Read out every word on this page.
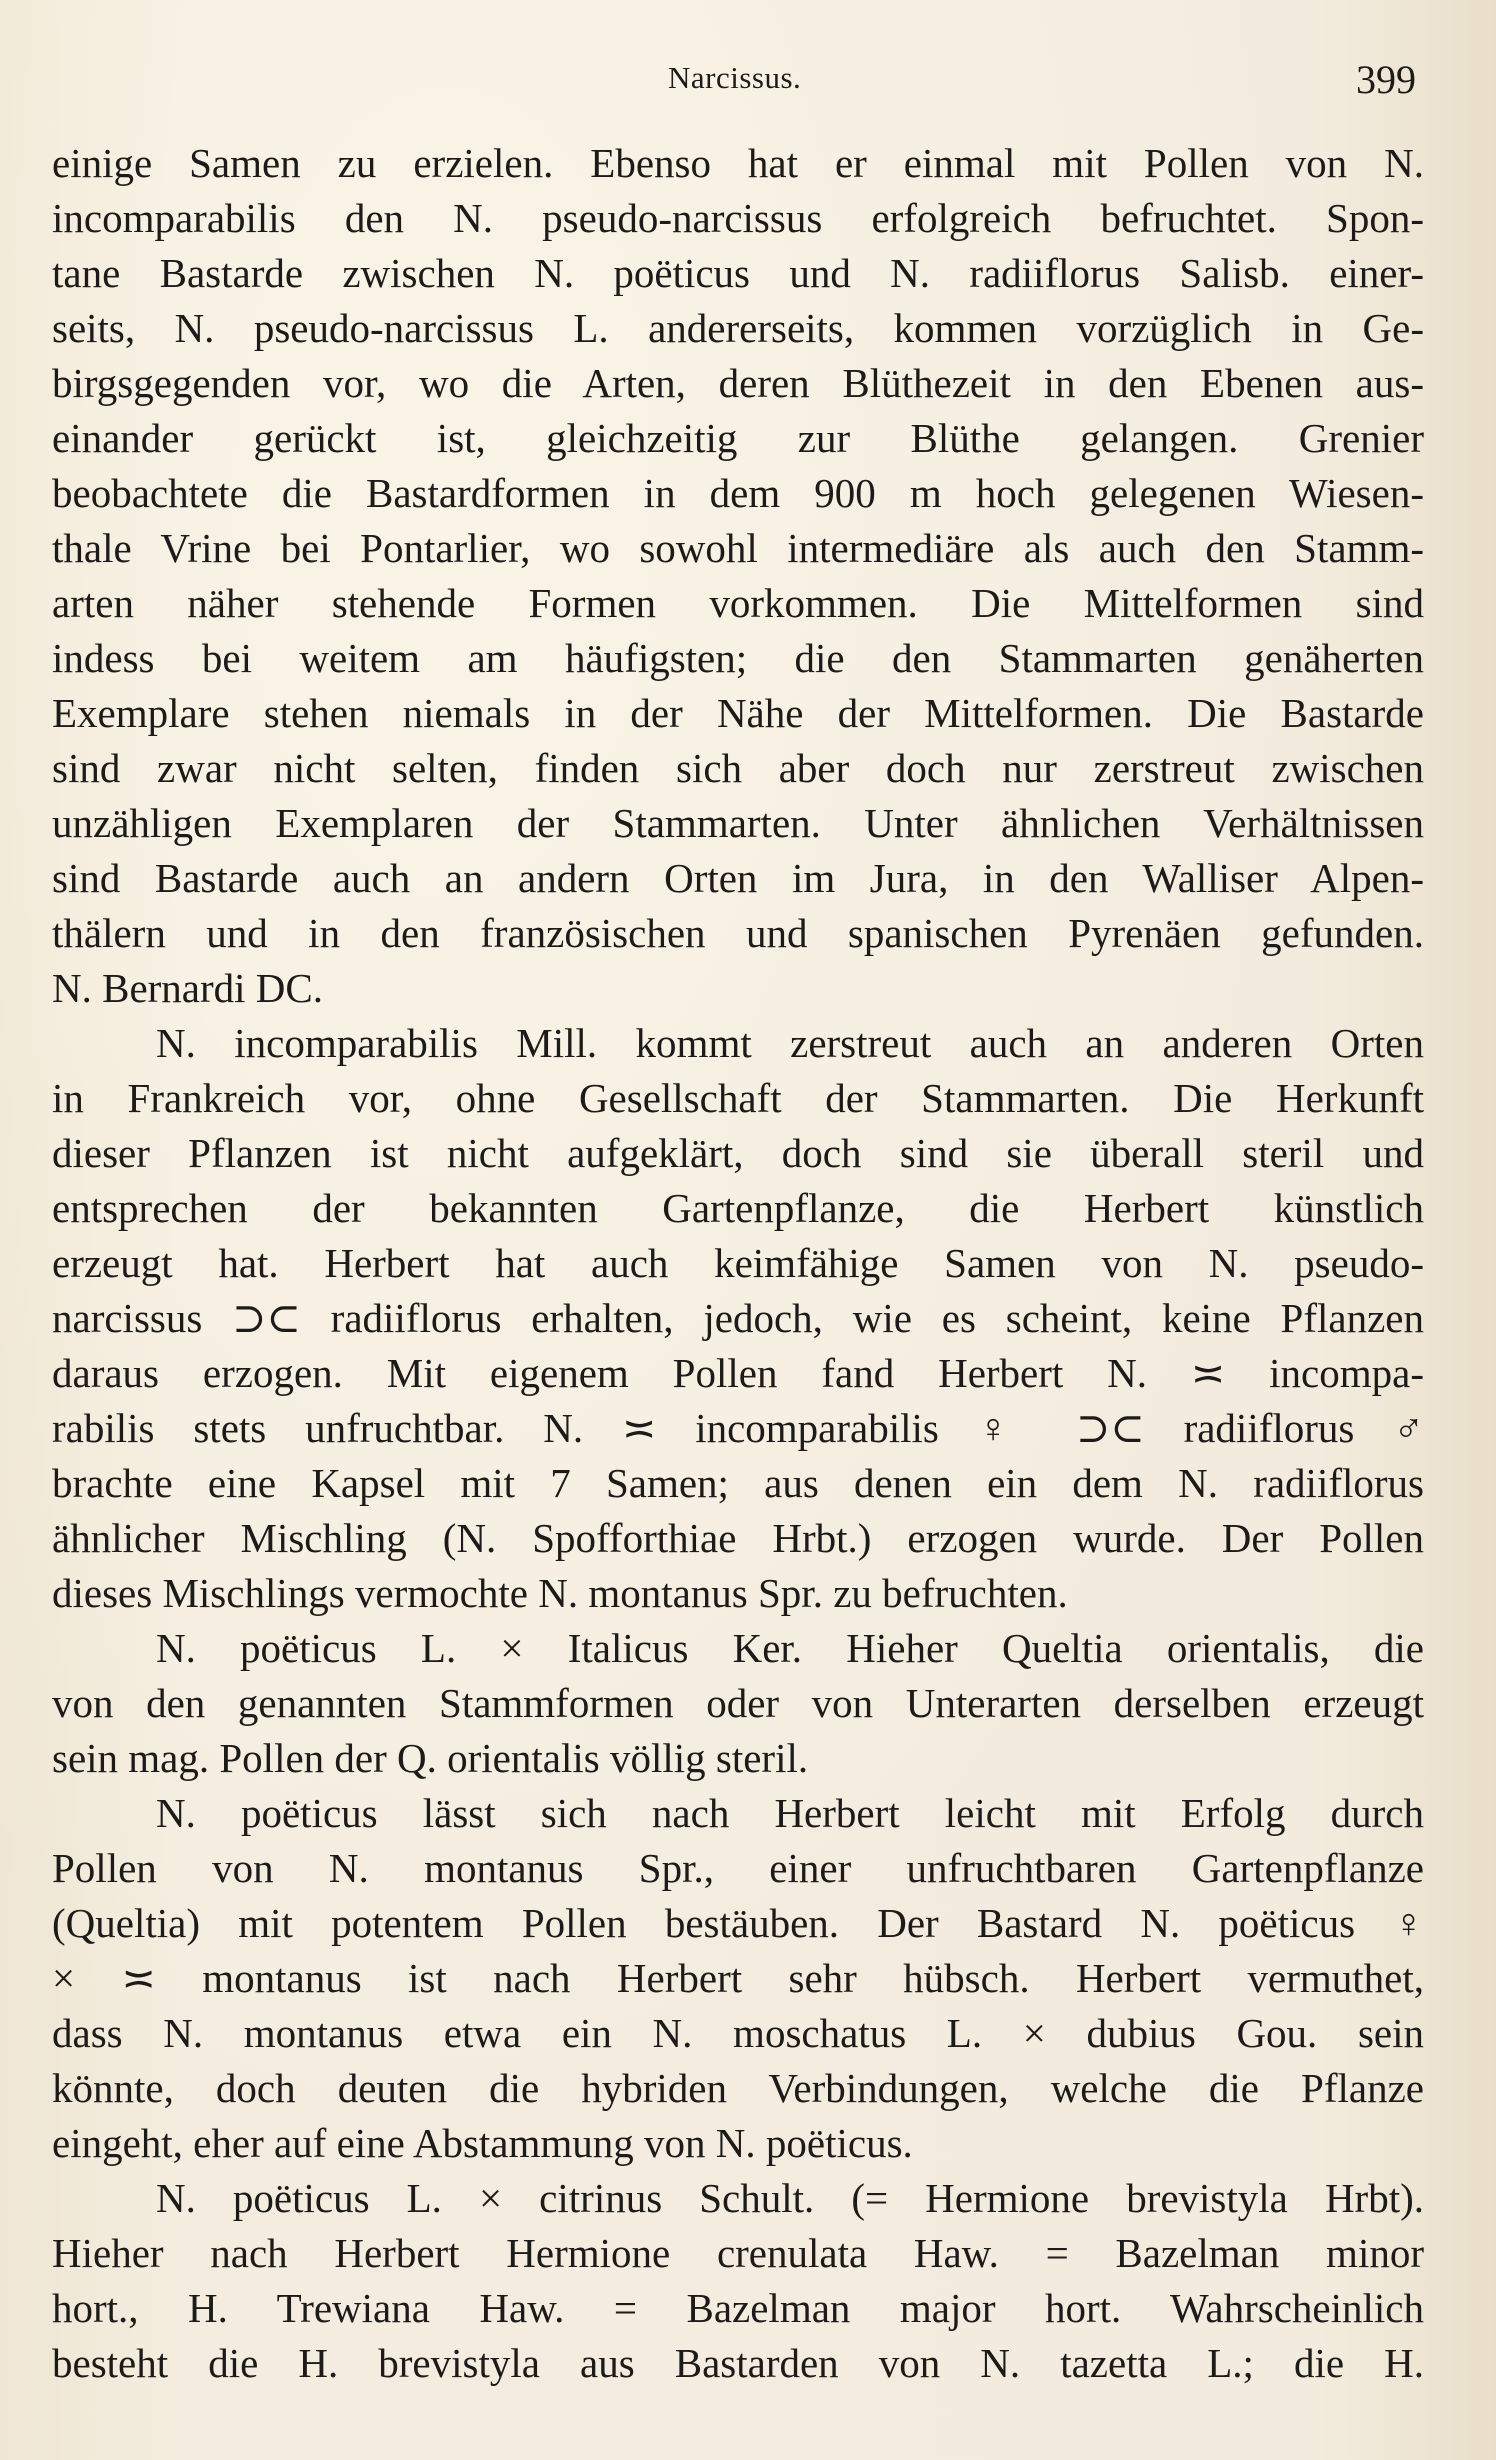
Narcissus.	399
einige Samen zu erzielen. Ebenso hat er einmal mit Pollen von N.
incomparabilis den N. pseudo-narcissus erfolgreich befruchtet. Spon-
tane Bastarde zwischen N. poëticus und N. radiiflorus Salisb. einer-
seits, N. pseudo-narcissus L. andererseits, kommen vorzüglich in Ge-
birgsgegenden vor, wo die Arten, deren Blüthezeit in den Ebenen aus-
einander gerückt ist, gleichzeitig zur Blüthe gelangen. Grenier
beobachtete die Bastardformen in dem 900 m hoch gelegenen Wiesen-
thale Vrine bei Pontarlier, wo sowohl intermediäre als auch den Stamm-
arten näher stehende Formen vorkommen. Die Mittelformen sind
indess bei weitem am häufigsten; die den Stammarten genäherten
Exemplare stehen niemals in der Nähe der Mittelformen. Die Bastarde
sind zwar nicht selten, finden sich aber doch nur zerstreut zwischen
unzähligen Exemplaren der Stammarten. Unter ähnlichen Verhältnissen
sind Bastarde auch an andern Orten im Jura, in den Walliser Alpen-
thälern und in den französischen und spanischen Pyrenäen gefunden.
N. Bernardi DC.
N. incomparabilis Mill. kommt zerstreut auch an anderen Orten
in Frankreich vor, ohne Gesellschaft der Stammarten. Die Herkunft
dieser Pflanzen ist nicht aufgeklärt, doch sind sie überall steril und
entsprechen der bekannten Gartenpflanze, die Herbert künstlich
erzeugt hat. Herbert hat auch keimfähige Samen von N. pseudo-
narcissus ⊃⊂ radiiflorus erhalten, jedoch, wie es scheint, keine Pflanzen
daraus erzogen. Mit eigenem Pollen fand Herbert N. ≍ incompa-
rabilis stets unfruchtbar. N. ≍ incomparabilis ♀ ⊃⊂ radiiflorus ♂
brachte eine Kapsel mit 7 Samen; aus denen ein dem N. radiiflorus
ähnlicher Mischling (N. Spofforthiae Hrbt.) erzogen wurde. Der Pollen
dieses Mischlings vermochte N. montanus Spr. zu befruchten.
N. poëticus L. × Italicus Ker. Hieher Queltia orientalis, die
von den genannten Stammformen oder von Unterarten derselben erzeugt
sein mag. Pollen der Q. orientalis völlig steril.
N. poëticus lässt sich nach Herbert leicht mit Erfolg durch
Pollen von N. montanus Spr., einer unfruchtbaren Gartenpflanze
(Queltia) mit potentem Pollen bestäuben. Der Bastard N. poëticus ♀
× ≍ montanus ist nach Herbert sehr hübsch. Herbert vermuthet,
dass N. montanus etwa ein N. moschatus L. × dubius Gou. sein
könnte, doch deuten die hybriden Verbindungen, welche die Pflanze
eingeht, eher auf eine Abstammung von N. poëticus.
N. poëticus L. × citrinus Schult. (= Hermione brevistyla Hrbt).
Hieher nach Herbert Hermione crenulata Haw. = Bazelman minor
hort., H. Trewiana Haw. = Bazelman major hort. Wahrscheinlich
besteht die H. brevistyla aus Bastarden von N. tazetta L.; die H.
